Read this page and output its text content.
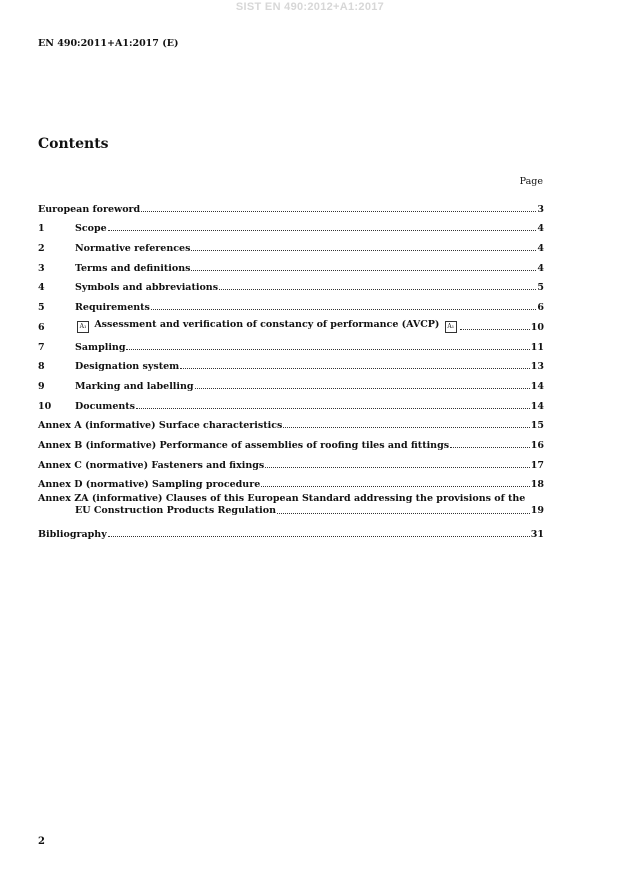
SIST EN 490:2012+A1:2017
EN 490:2011+A1:2017 (E)
Contents
Page
European foreword	3
1	Scope	4
2	Normative references	4
3	Terms and definitions	4
4	Symbols and abbreviations	5
5	Requirements	6
6	A₁ Assessment and verification of constancy of performance (AVCP) A₁	10
7	Sampling	11
8	Designation system	13
9	Marking and labelling	14
10	Documents	14
Annex A (informative) Surface characteristics	15
Annex B (informative) Performance of assemblies of roofing tiles and fittings	16
Annex C (normative) Fasteners and fixings	17
Annex D (normative) Sampling procedure	18
Annex ZA (informative) Clauses of this European Standard addressing the provisions of the
EU Construction Products Regulation	19
Bibliography	31
2
